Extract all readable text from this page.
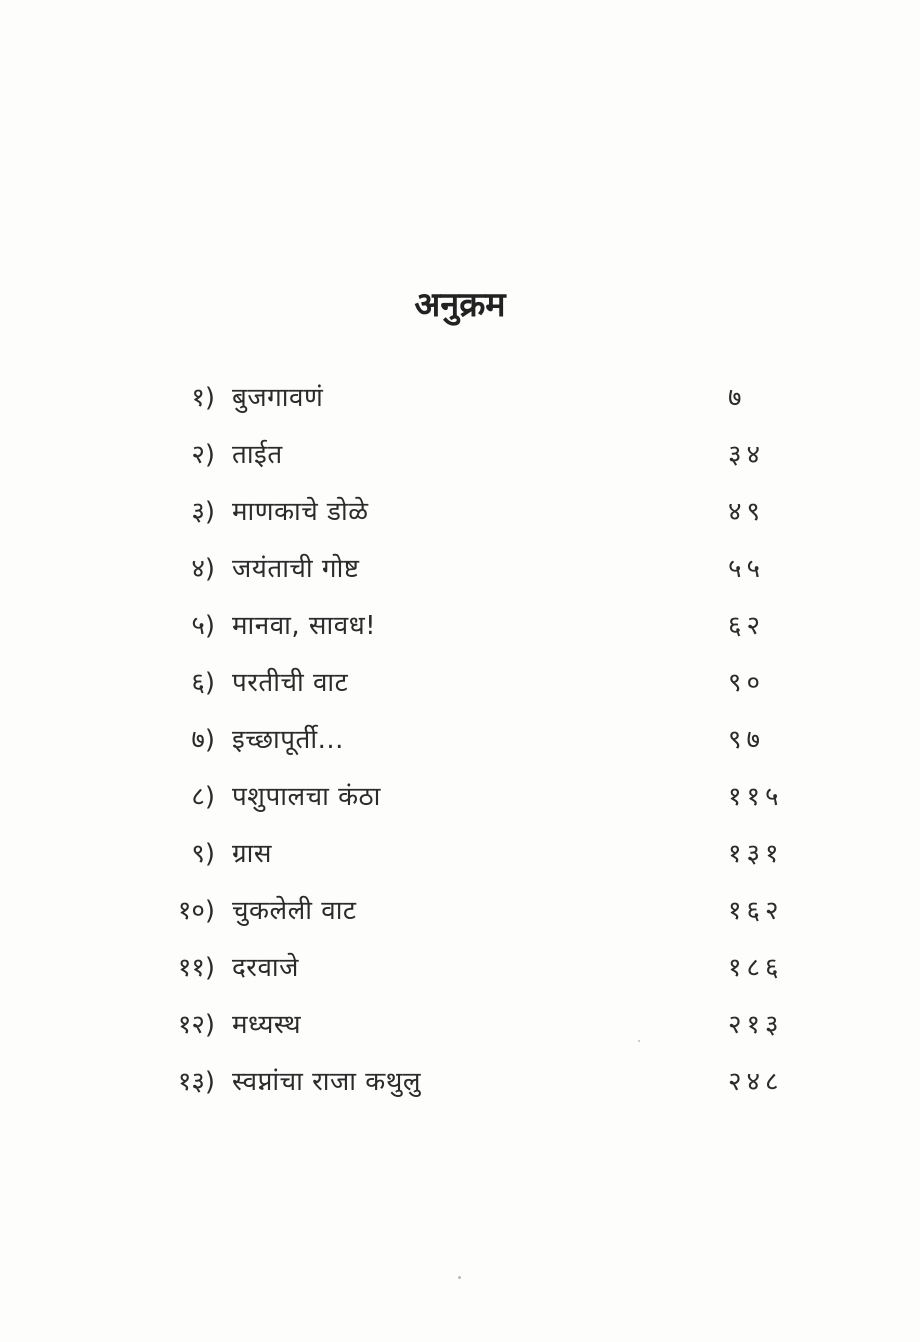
अनुक्रम
१) बुजगावणं	७
२) ताईत	३४
३) माणकाचे डोळे	४९
४) जयंताची गोष्ट	५५
५) मानवा, सावध!	६२
६) परतीची वाट	९०
७) इच्छापूर्ती...	९७
८) पशुपालचा कंठा	११५
९) ग्रास	१३१
१०) चुकलेली वाट	१६२
११) दरवाजे	१८६
१२) मध्यस्थ	२१३
१३) स्वप्नांचा राजा कथुलु	२४८
